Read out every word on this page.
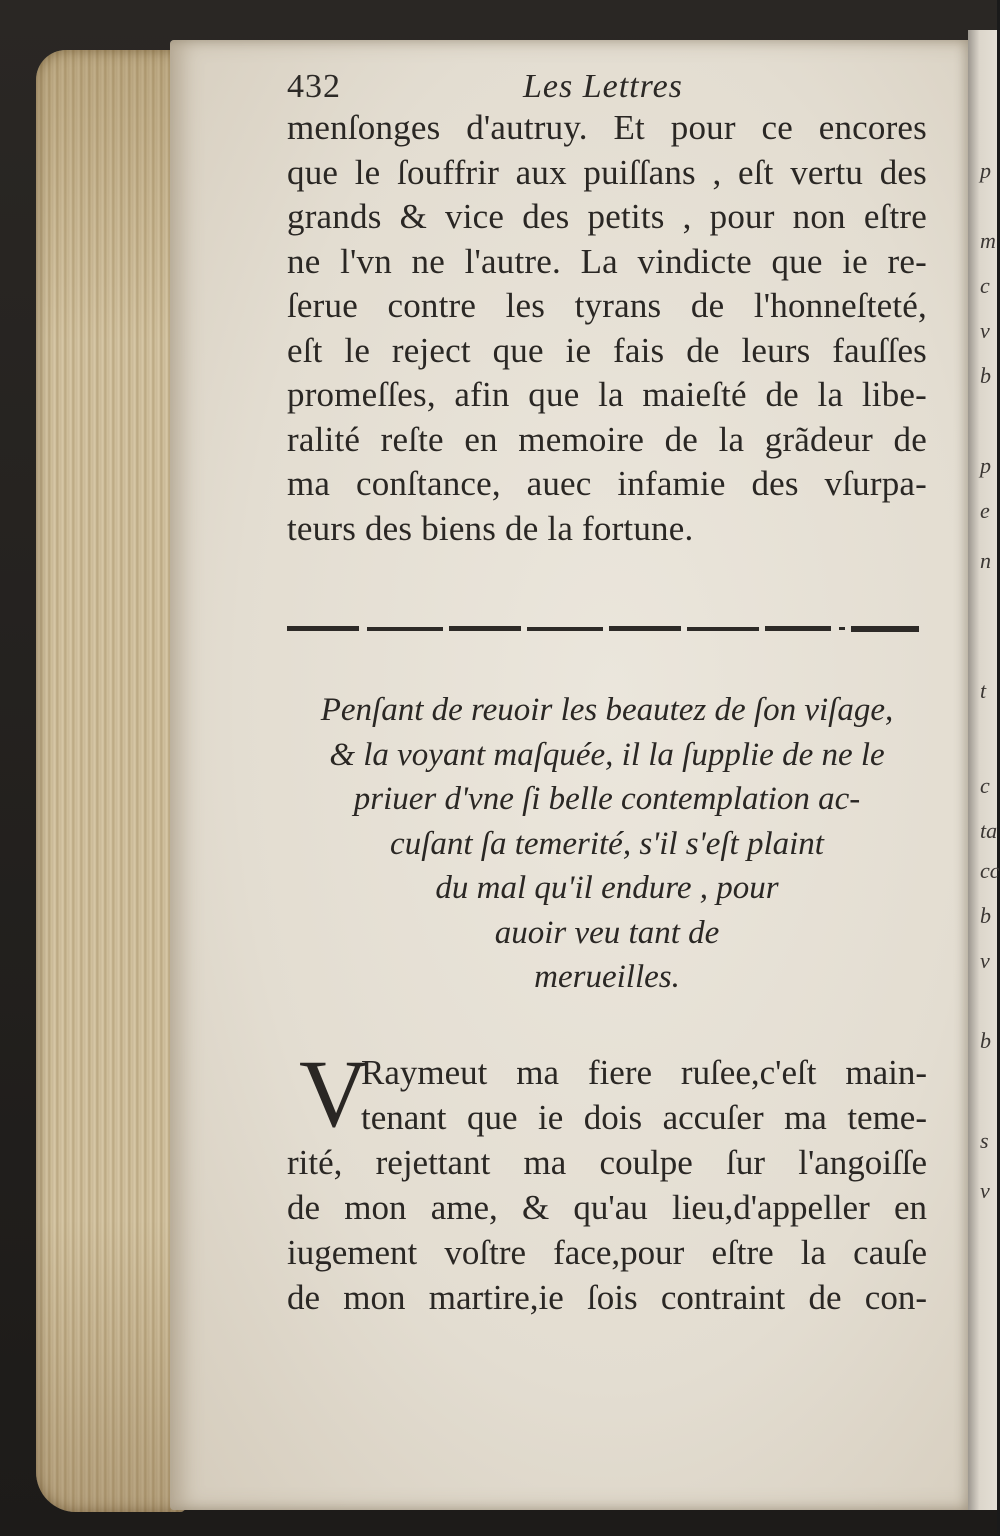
p
m
c
v
b
p
e
n
t
c
ta
cc
b
v
b
s
v
432	Les Lettres
menſonges d'autruy. Et pour ce encores
que le ſouffrir aux puiſſans , eſt vertu des
grands & vice des petits , pour non eſtre
ne l'vn ne l'autre. La vindicte que ie re-
ſerue contre les tyrans de l'honneſteté,
eſt le reject que ie fais de leurs fauſſes
promeſſes, afin que la maieſté de la libe-
ralité reſte en memoire de la grãdeur de
ma conſtance, auec infamie des vſurpa-
teurs des biens de la fortune.
Penſant de reuoir les beautez de ſon viſage,
& la voyant maſquée, il la ſupplie de ne le
priuer d'vne ſi belle contemplation ac-
cuſant ſa temerité, s'il s'eſt plaint
du mal qu'il endure , pour
auoir veu tant de
merueilles.
V
Raymeut ma fiere ruſee,c'eſt main-
tenant que ie dois accuſer ma teme-
rité, rejettant ma coulpe ſur l'angoiſſe
de mon ame, & qu'au lieu,d'appeller en
iugement voſtre face,pour eſtre la cauſe
de mon martire,ie ſois contraint de con-
